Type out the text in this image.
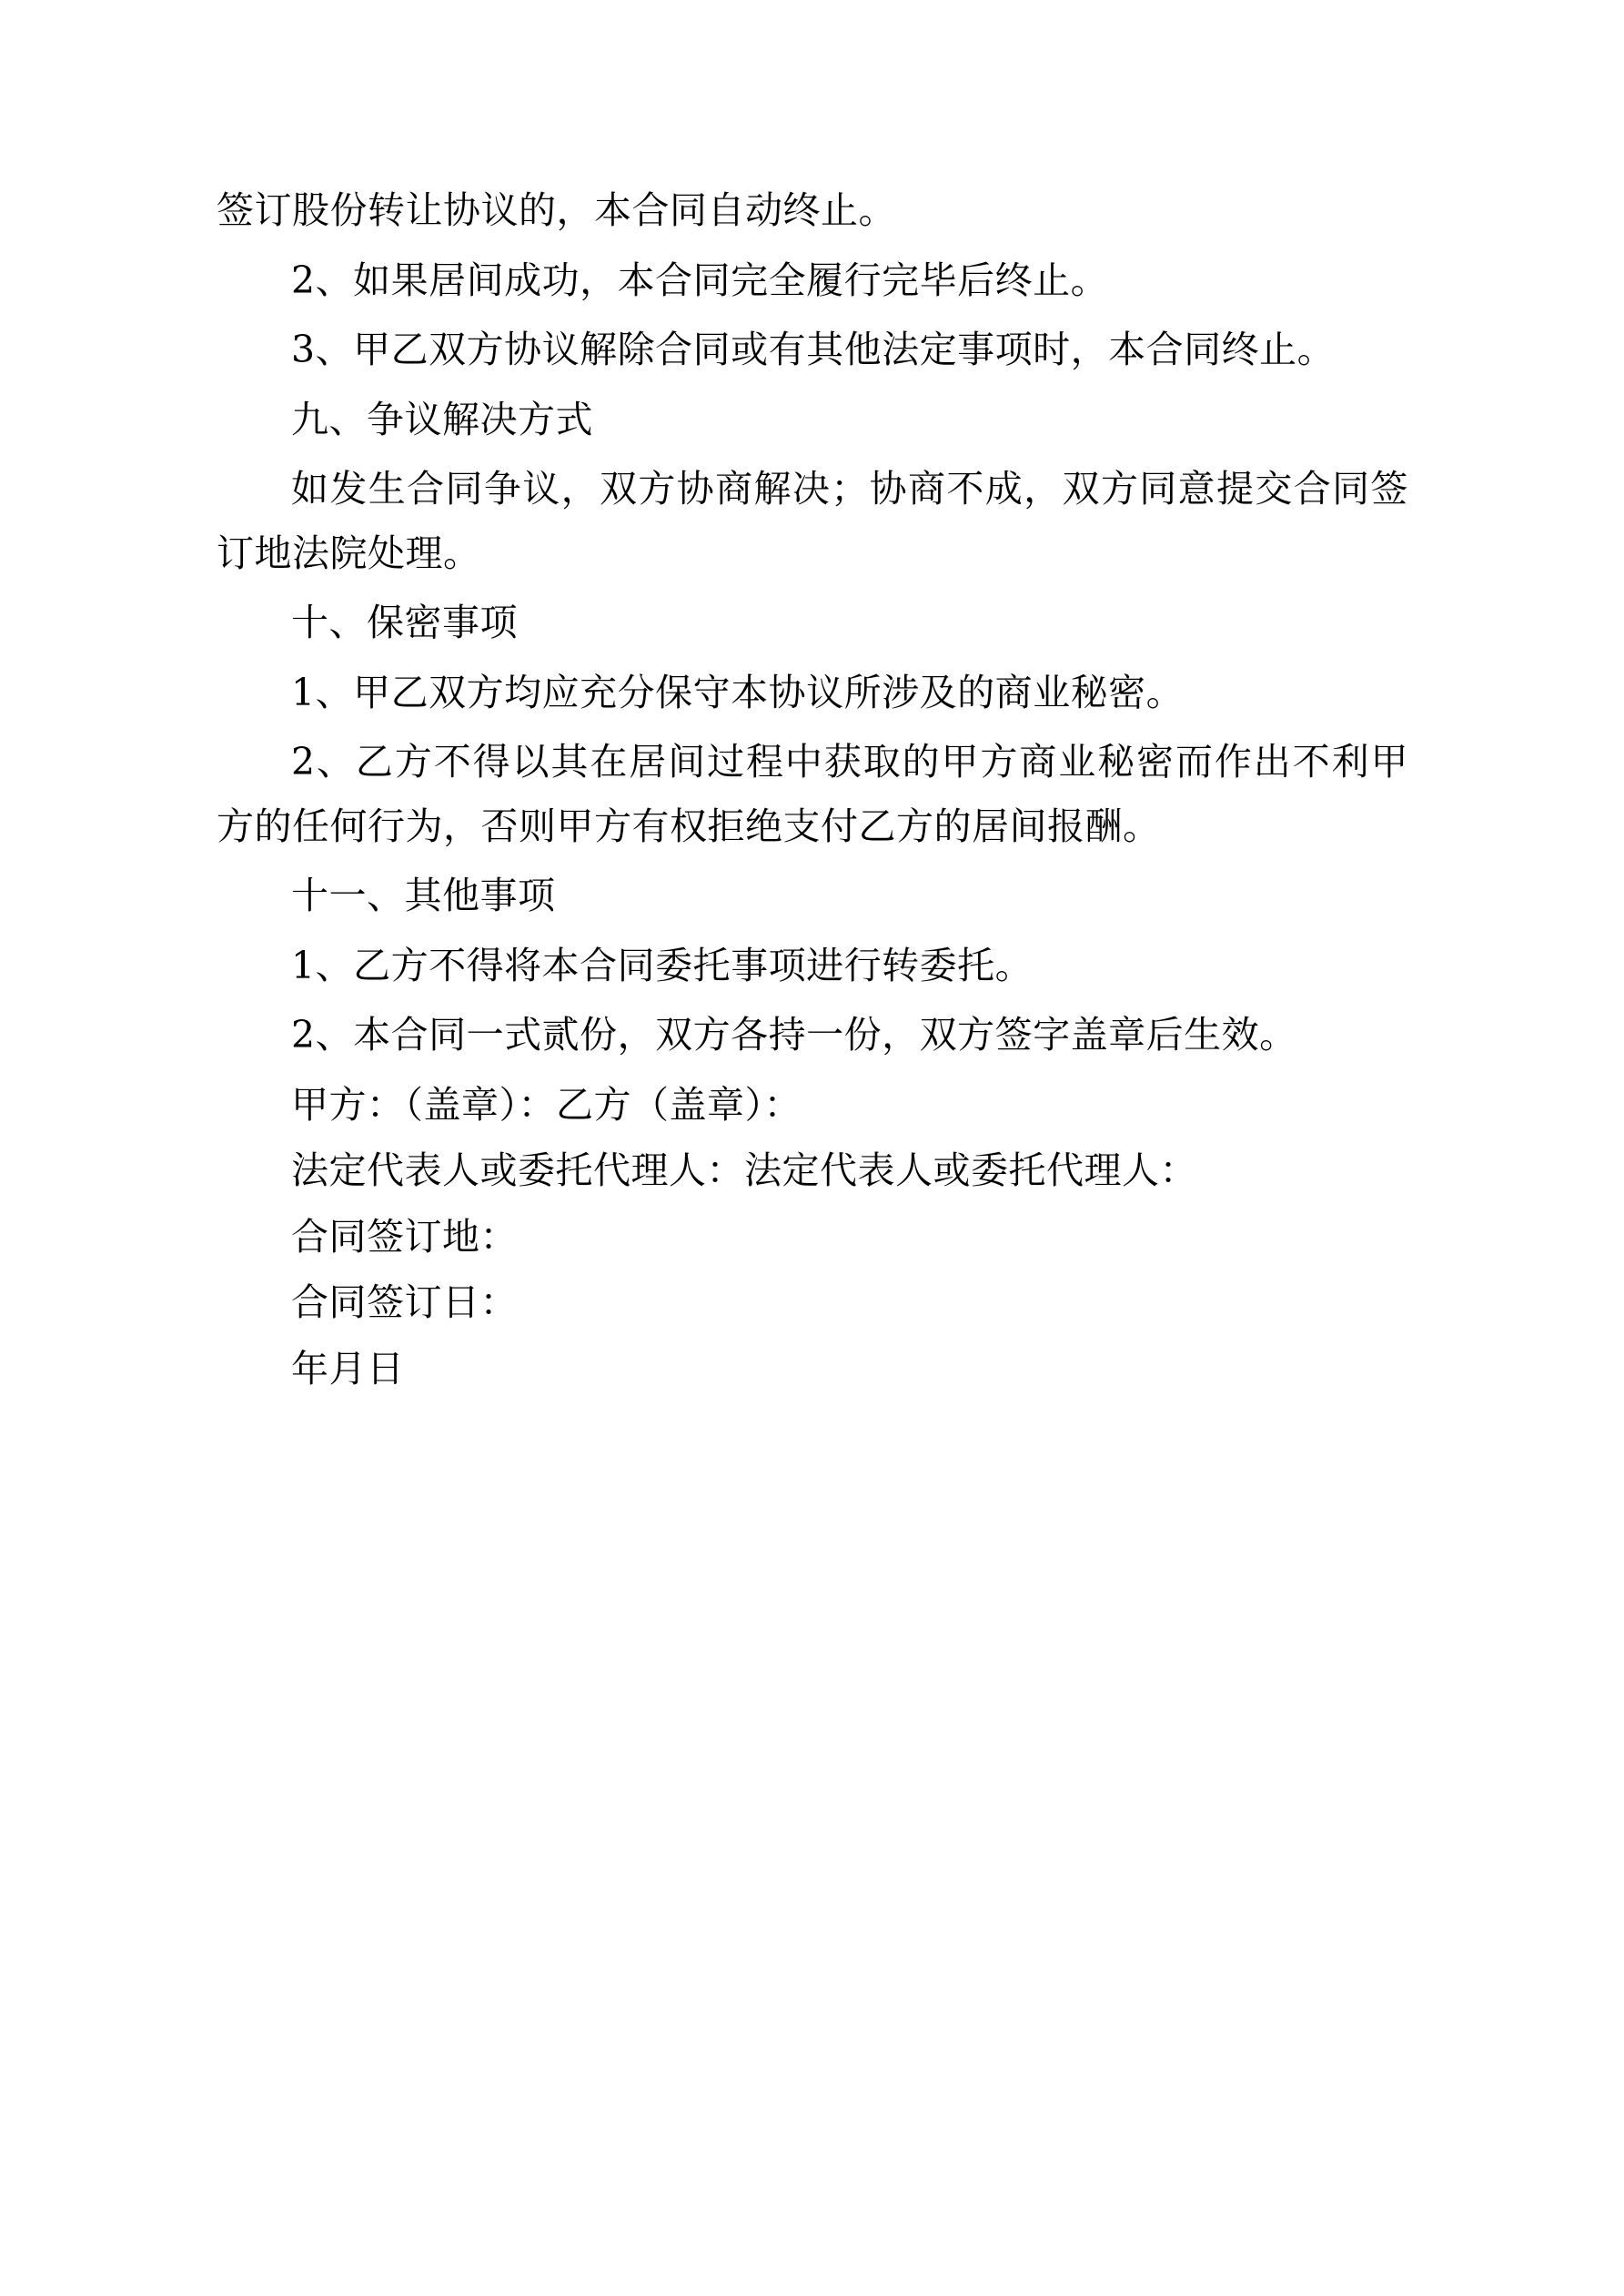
签订股份转让协议的，本合同自动终止。

2、如果居间成功，本合同完全履行完毕后终止。

3、甲乙双方协议解除合同或有其他法定事项时，本合同终止。

九、争议解决方式

如发生合同争议，双方协商解决；协商不成，双方同意提交合同签订地法院处理。

十、保密事项

1、甲乙双方均应充分保守本协议所涉及的商业秘密。

2、乙方不得以其在居间过程中获取的甲方商业秘密而作出不利甲方的任何行为，否则甲方有权拒绝支付乙方的居间报酬。

十一、其他事项

1、乙方不得将本合同委托事项进行转委托。

2、本合同一式贰份，双方各持一份，双方签字盖章后生效。

甲方：（盖章）：乙方（盖章）：

法定代表人或委托代理人：法定代表人或委托代理人：

合同签订地：

合同签订日：

年月日
